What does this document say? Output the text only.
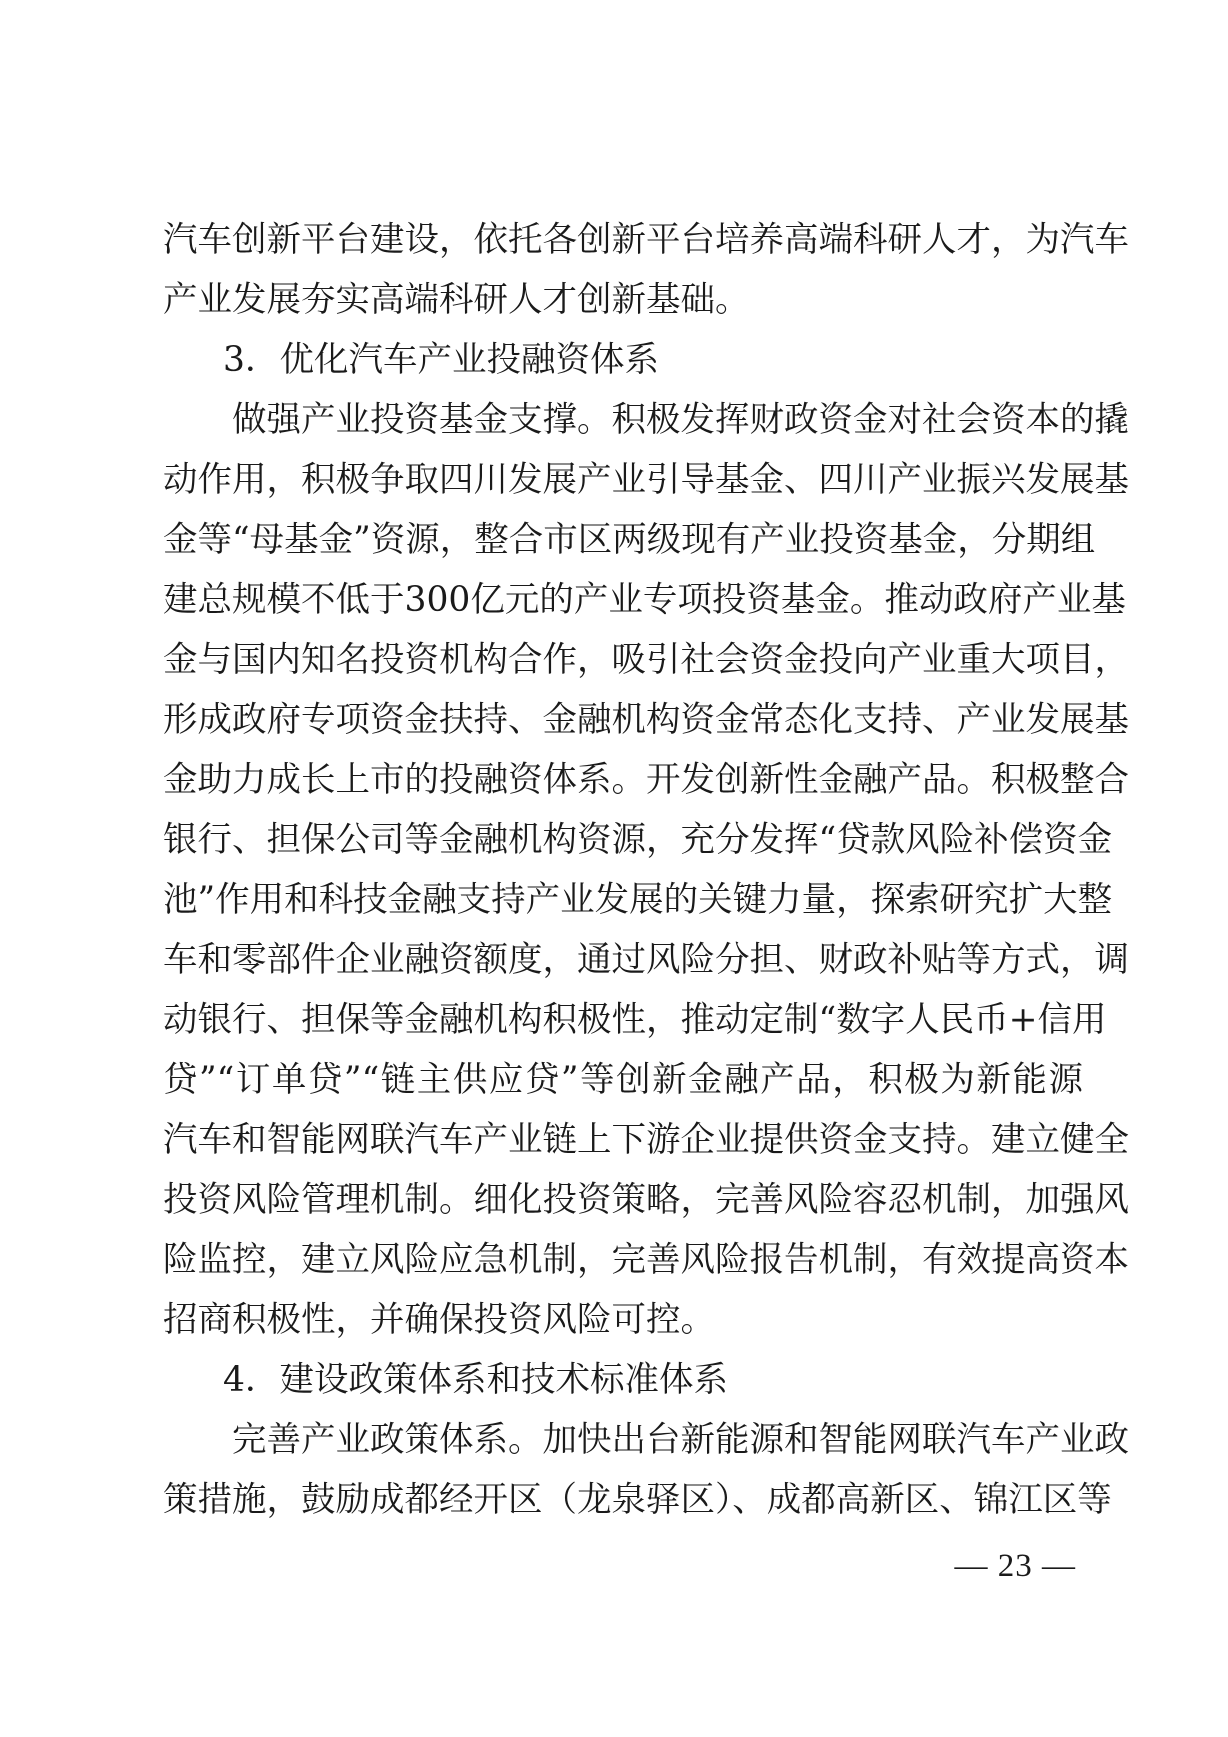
汽车创新平台建设，依托各创新平台培养高端科研人才，为汽车
产业发展夯实高端科研人才创新基础。
3．优化汽车产业投融资体系
做强产业投资基金支撑。积极发挥财政资金对社会资本的撬
动作用，积极争取四川发展产业引导基金、四川产业振兴发展基
金等“母基金”资源，整合市区两级现有产业投资基金，分期组
建总规模不低于300亿元的产业专项投资基金。推动政府产业基
金与国内知名投资机构合作，吸引社会资金投向产业重大项目，
形成政府专项资金扶持、金融机构资金常态化支持、产业发展基
金助力成长上市的投融资体系。开发创新性金融产品。积极整合
银行、担保公司等金融机构资源，充分发挥“贷款风险补偿资金
池”作用和科技金融支持产业发展的关键力量，探索研究扩大整
车和零部件企业融资额度，通过风险分担、财政补贴等方式，调
动银行、担保等金融机构积极性，推动定制“数字人民币+信用
贷”“订单贷”“链主供应贷”等创新金融产品，积极为新能源
汽车和智能网联汽车产业链上下游企业提供资金支持。建立健全
投资风险管理机制。细化投资策略，完善风险容忍机制，加强风
险监控，建立风险应急机制，完善风险报告机制，有效提高资本
招商积极性，并确保投资风险可控。
4．建设政策体系和技术标准体系
完善产业政策体系。加快出台新能源和智能网联汽车产业政
策措施，鼓励成都经开区（龙泉驿区）、成都高新区、锦江区等
— 23 —
